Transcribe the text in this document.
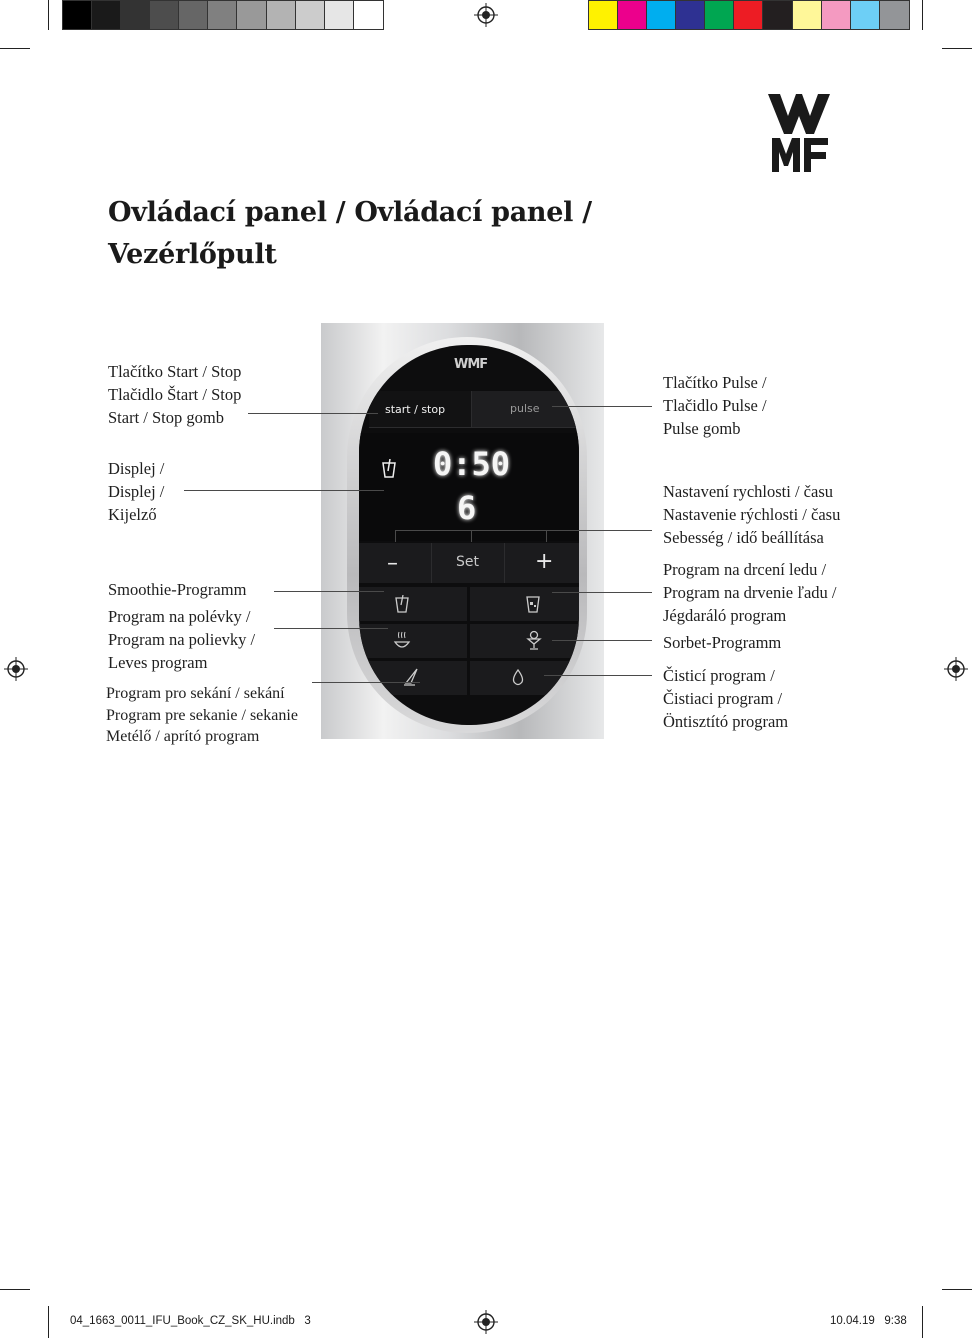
Ovládací panel / Ovládací panel /
Vezérlőpult
WMF
start / stop	pulse
0:50
6
–	Set	+
Tlačítko Start / Stop
Tlačidlo Štart / Stop
Start / Stop gomb
Displej /
Displej /
Kijelző
Smoothie-Programm
Program na polévky /
Program na polievky /
Leves program
Program pro sekání / sekání
Program pre sekanie / sekanie
Metélő / aprító program
Tlačítko Pulse /
Tlačidlo Pulse /
Pulse gomb
Nastavení rychlosti / času
Nastavenie rýchlosti / času
Sebesség / idő beállítása
Program na drcení ledu /
Program na drvenie ľadu /
Jégdaráló program
Sorbet-Programm
Čisticí program /
Čistiaci program /
Öntisztító program
04_1663_0011_IFU_Book_CZ_SK_HU.indb   3	10.04.19   9:38
